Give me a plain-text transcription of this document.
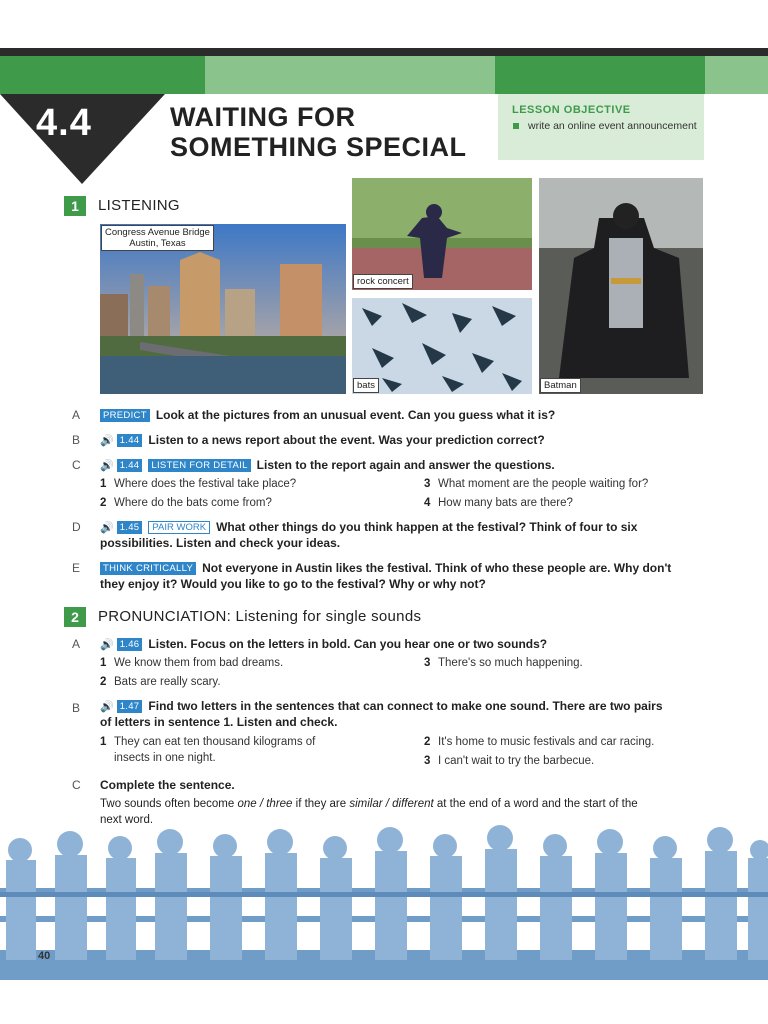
4.4	WAITING FOR
SOMETHING SPECIAL
LESSON OBJECTIVE
write an online event announcement
1	LISTENING
Congress Avenue Bridge
Austin, Texas
rock concert
bats	Batman
A	PREDICT Look at the pictures from an unusual event. Can you guess what it is?
B 🔊 1.44 Listen to a news report about the event. Was your prediction correct?
C 🔊 1.44 LISTEN FOR DETAIL Listen to the report again and answer the questions.
1 Where does the festival take place?
2 Where do the bats come from?
3 What moment are the people waiting for?
4 How many bats are there?
D 🔊 1.45 PAIR WORK What other things do you think happen at the festival? Think of four to six
possibilities. Listen and check your ideas.
E	THINK CRITICALLY Not everyone in Austin likes the festival. Think of who these people are. Why don't
they enjoy it? Would you like to go to the festival? Why or why not?
2	PRONUNCIATION: Listening for single sounds
A 🔊 1.46 Listen. Focus on the letters in bold. Can you hear one or two sounds?
1 We know them from bad dreams.
2 Bats are really scary.
3 There's so much happening.
B 🔊 1.47 Find two letters in the sentences that can connect to make one sound. There are two pairs
of letters in sentence 1. Listen and check.
1 They can eat ten thousand kilograms of
insects in one night.
2 It's home to music festivals and car racing.
3 I can't wait to try the barbecue.
C Complete the sentence.
Two sounds often become one / three if they are similar / different at the end of a word and the start of the
next word.
40
